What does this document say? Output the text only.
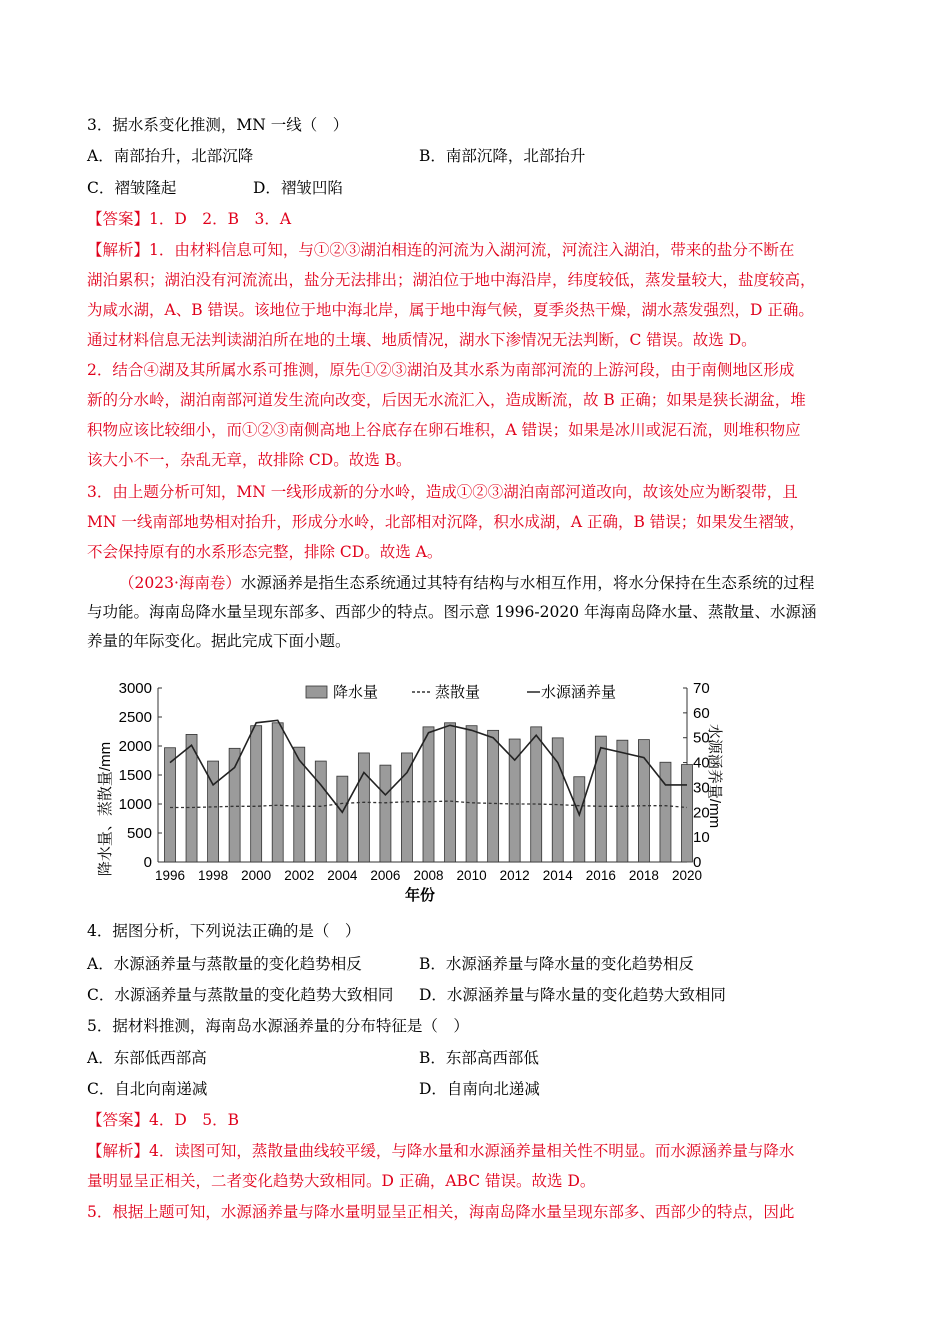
3．据水系变化推测，MN 一线（　）
A．南部抬升，北部沉降	B．南部沉降，北部抬升
C．褶皱隆起	D．褶皱凹陷
【答案】1．D　2．B　3．A
【解析】1．由材料信息可知，与①②③湖泊相连的河流为入湖河流，河流注入湖泊，带来的盐分不断在
湖泊累积；湖泊没有河流流出，盐分无法排出；湖泊位于地中海沿岸，纬度较低，蒸发量较大，盐度较高，
为咸水湖，A、B 错误。该地位于地中海北岸，属于地中海气候，夏季炎热干燥，湖水蒸发强烈，D 正确。
通过材料信息无法判读湖泊所在地的土壤、地质情况，湖水下渗情况无法判断，C 错误。故选 D。
2．结合④湖及其所属水系可推测，原先①②③湖泊及其水系为南部河流的上游河段，由于南侧地区形成
新的分水岭，湖泊南部河道发生流向改变，后因无水流汇入，造成断流，故 B 正确；如果是狭长湖盆，堆
积物应该比较细小，而①②③南侧高地上谷底存在卵石堆积，A 错误；如果是冰川或泥石流，则堆积物应
该大小不一，杂乱无章，故排除 CD。故选 B。
3．由上题分析可知，MN 一线形成新的分水岭，造成①②③湖泊南部河道改向，故该处应为断裂带，且
MN 一线南部地势相对抬升，形成分水岭，北部相对沉降，积水成湖，A 正确，B 错误；如果发生褶皱，
不会保持原有的水系形态完整，排除 CD。故选 A。
（2023·海南卷）水源涵养是指生态系统通过其特有结构与水相互作用，将水分保持在生态系统的过程
与功能。海南岛降水量呈现东部多、西部少的特点。图示意 1996-2020 年海南岛降水量、蒸散量、水源涵
养量的年际变化。据此完成下面小题。
0
500
1000
1500
2000
2500
3000
0
10
20
30
40
50
60
70
1996 1998 2000 2002 2004 2006 2008 2010 2012 2014 2016 2018 2020
降水量	蒸散量	水源涵养量
降水量、蒸散量/mm	水源涵养量/mm
年份
4．据图分析，下列说法正确的是（　）
A．水源涵养量与蒸散量的变化趋势相反	B．水源涵养量与降水量的变化趋势相反
C．水源涵养量与蒸散量的变化趋势大致相同 D．水源涵养量与降水量的变化趋势大致相同
5．据材料推测，海南岛水源涵养量的分布特征是（　）
A．东部低西部高	B．东部高西部低
C．自北向南递减	D．自南向北递减
【答案】4．D　5．B
【解析】4．读图可知，蒸散量曲线较平缓，与降水量和水源涵养量相关性不明显。而水源涵养量与降水
量明显呈正相关，二者变化趋势大致相同。D 正确，ABC 错误。故选 D。
5．根据上题可知，水源涵养量与降水量明显呈正相关，海南岛降水量呈现东部多、西部少的特点，因此
